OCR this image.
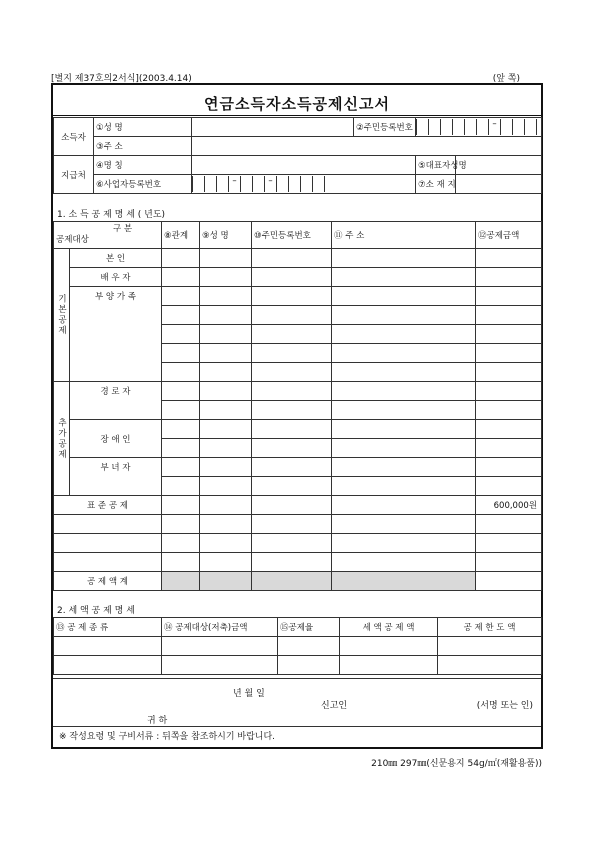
[별지 제37호의2서식](2003.4.14)	(앞 쪽)
연금소득자소득공제신고서
소득자	①성 명		②주민등록번호	–	
	③주 소				
지급처	④명 칭			⑤대표자성명	
	⑥사업자등록번호	– –		⑦소 재 지	
1. 소 득 공 제 명 세 ( 년도)
구 분
공제대상		⑧관계	⑨성 명	⑩주민등록번호	⑪ 주 소	⑫공제금액
기본공제	본 인					
	배 우 자					
	부 양 가 족					

추가공제	경 로 자					

	장 애 인					

	부 녀 자					

표 준 공 제						600,000원

공 제 액 계						
2. 세 액 공 제 명 세
⑬ 공 제 종 류	⑭ 공제대상(저축)금액	⑮공제율	세 액 공 제 액	공 제 한 도 액

년 월 일
신고인	(서명 또는 인)
귀 하
※ 작성요령 및 구비서류 : 뒤쪽을 참조하시기 바랍니다.
210㎜ 297㎜(신문용지 54g/㎡(재활용품))
